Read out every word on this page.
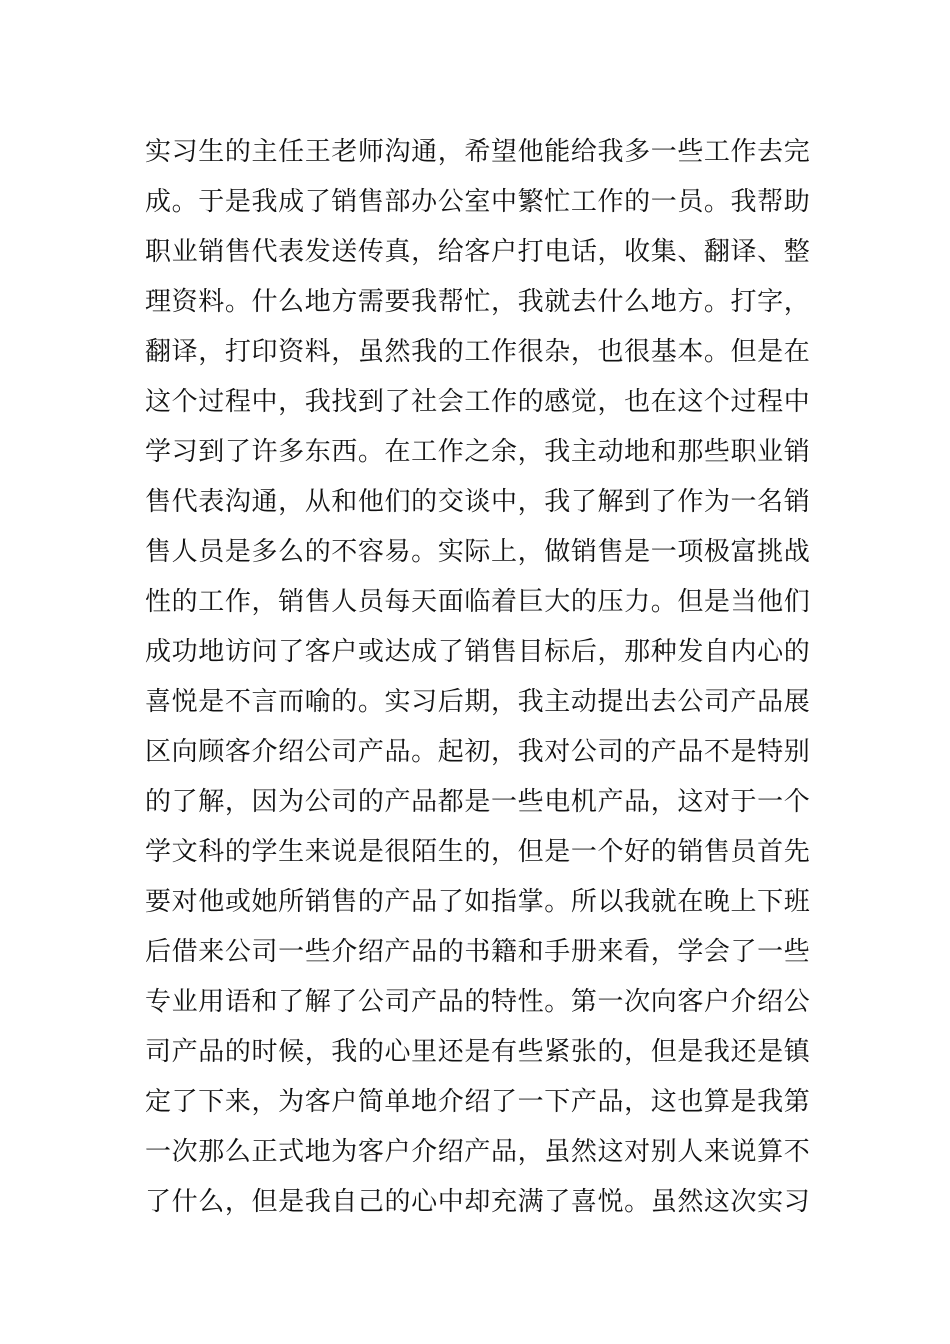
实习生的主任王老师沟通，希望他能给我多一些工作去完
成。于是我成了销售部办公室中繁忙工作的一员。我帮助
职业销售代表发送传真，给客户打电话，收集、翻译、整
理资料。什么地方需要我帮忙，我就去什么地方。打字，
翻译，打印资料，虽然我的工作很杂，也很基本。但是在
这个过程中，我找到了社会工作的感觉，也在这个过程中
学习到了许多东西。在工作之余，我主动地和那些职业销
售代表沟通，从和他们的交谈中，我了解到了作为一名销
售人员是多么的不容易。实际上，做销售是一项极富挑战
性的工作，销售人员每天面临着巨大的压力。但是当他们
成功地访问了客户或达成了销售目标后，那种发自内心的
喜悦是不言而喻的。实习后期，我主动提出去公司产品展
区向顾客介绍公司产品。起初，我对公司的产品不是特别
的了解，因为公司的产品都是一些电机产品，这对于一个
学文科的学生来说是很陌生的，但是一个好的销售员首先
要对他或她所销售的产品了如指掌。所以我就在晚上下班
后借来公司一些介绍产品的书籍和手册来看，学会了一些
专业用语和了解了公司产品的特性。第一次向客户介绍公
司产品的时候，我的心里还是有些紧张的，但是我还是镇
定了下来，为客户简单地介绍了一下产品，这也算是我第
一次那么正式地为客户介绍产品，虽然这对别人来说算不
了什么，但是我自己的心中却充满了喜悦。虽然这次实习
